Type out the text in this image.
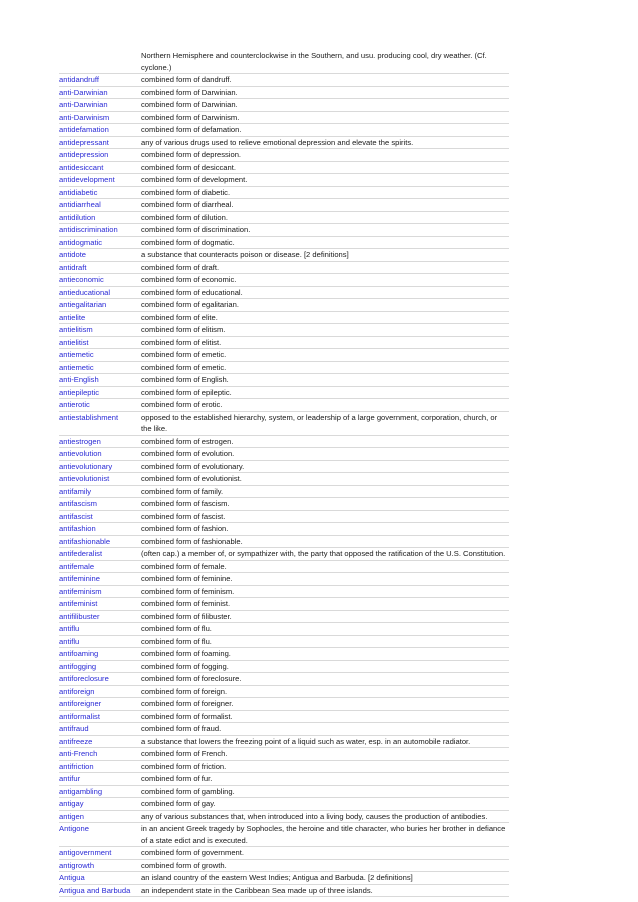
Northern Hemisphere and counterclockwise in the Southern, and usu. producing cool, dry weather. (Cf. cyclone.)
antidandruff	combined form of dandruff.
anti-Darwinian	combined form of Darwinian.
anti-Darwinian	combined form of Darwinian.
anti-Darwinism	combined form of Darwinism.
antidefamation	combined form of defamation.
antidepressant	any of various drugs used to relieve emotional depression and elevate the spirits.
antidepression	combined form of depression.
antidesiccant	combined form of desiccant.
antidevelopment	combined form of development.
antidiabetic	combined form of diabetic.
antidiarrheal	combined form of diarrheal.
antidilution	combined form of dilution.
antidiscrimination	combined form of discrimination.
antidogmatic	combined form of dogmatic.
antidote	a substance that counteracts poison or disease. [2 definitions]
antidraft	combined form of draft.
antieconomic	combined form of economic.
antieducational	combined form of educational.
antiegalitarian	combined form of egalitarian.
antielite	combined form of elite.
antielitism	combined form of elitism.
antielitist	combined form of elitist.
antiemetic	combined form of emetic.
antiemetic	combined form of emetic.
anti-English	combined form of English.
antiepileptic	combined form of epileptic.
antierotic	combined form of erotic.
antiestablishment	opposed to the established hierarchy, system, or leadership of a large government, corporation, church, or the like.
antiestrogen	combined form of estrogen.
antievolution	combined form of evolution.
antievolutionary	combined form of evolutionary.
antievolutionist	combined form of evolutionist.
antifamily	combined form of family.
antifascism	combined form of fascism.
antifascist	combined form of fascist.
antifashion	combined form of fashion.
antifashionable	combined form of fashionable.
antifederalist	(often cap.) a member of, or sympathizer with, the party that opposed the ratification of the U.S. Constitution.
antifemale	combined form of female.
antifeminine	combined form of feminine.
antifeminism	combined form of feminism.
antifeminist	combined form of feminist.
antifilibuster	combined form of filibuster.
antiflu	combined form of flu.
antiflu	combined form of flu.
antifoaming	combined form of foaming.
antifogging	combined form of fogging.
antiforeclosure	combined form of foreclosure.
antiforeign	combined form of foreign.
antiforeigner	combined form of foreigner.
antiformalist	combined form of formalist.
antifraud	combined form of fraud.
antifreeze	a substance that lowers the freezing point of a liquid such as water, esp. in an automobile radiator.
anti-French	combined form of French.
antifriction	combined form of friction.
antifur	combined form of fur.
antigambling	combined form of gambling.
antigay	combined form of gay.
antigen	any of various substances that, when introduced into a living body, causes the production of antibodies.
Antigone	in an ancient Greek tragedy by Sophocles, the heroine and title character, who buries her brother in defiance of a state edict and is executed.
antigovernment	combined form of government.
antigrowth	combined form of growth.
Antigua	an island country of the eastern West Indies; Antigua and Barbuda. [2 definitions]
Antigua and Barbuda	an independent state in the Caribbean Sea made up of three islands.
